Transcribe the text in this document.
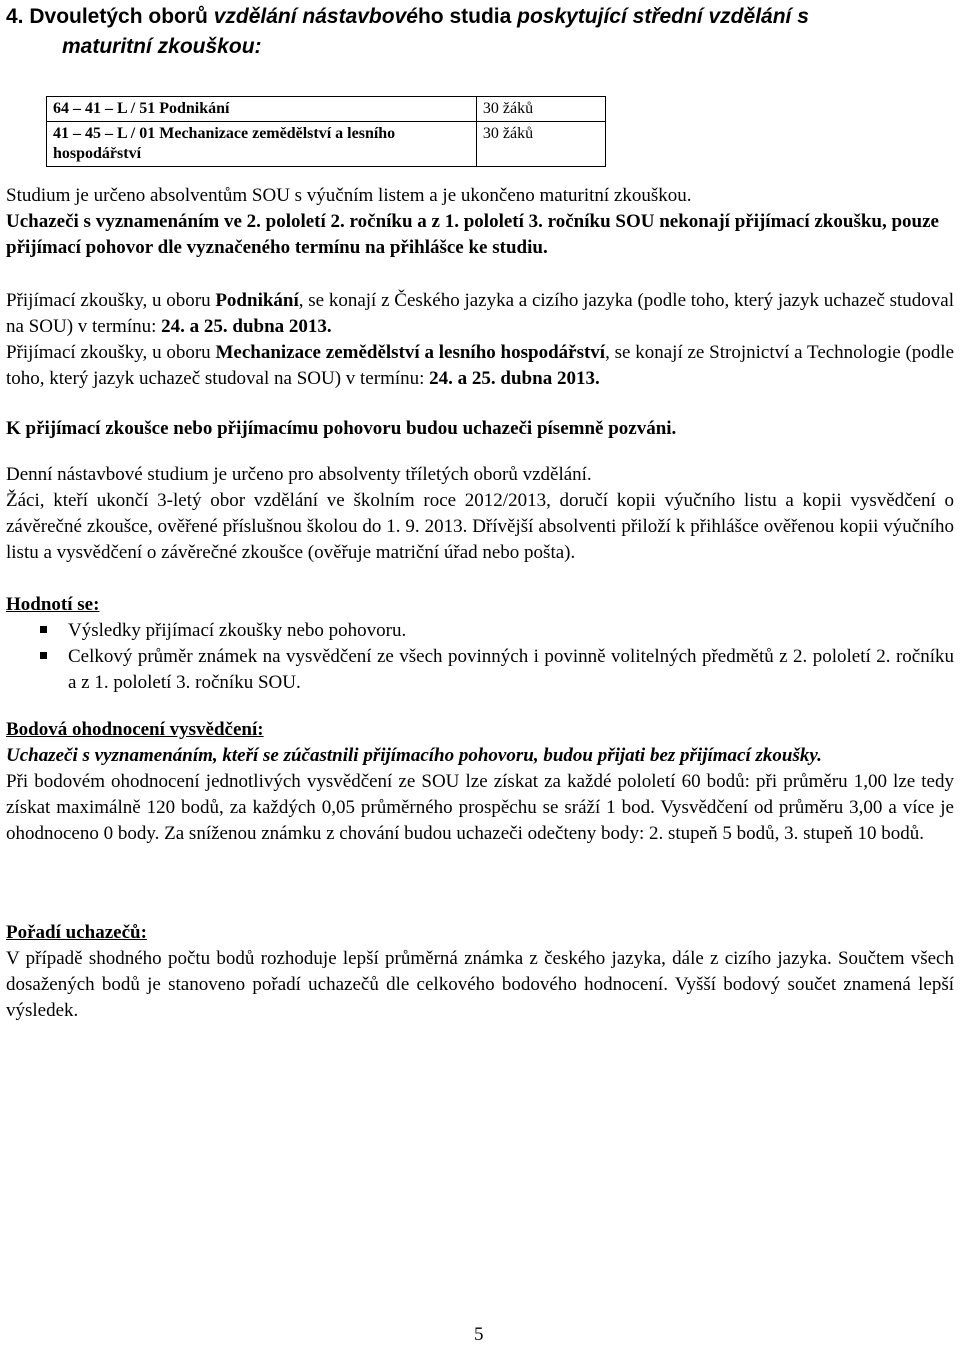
4. Dvouletých oborů vzdělání nástavbového studia poskytující střední vzdělání s
maturitní zkouškou:
64 – 41 – L / 51 Podnikání	30 žáků
41 – 45 – L / 01 Mechanizace zemědělství a lesního hospodářství	30 žáků
Studium je určeno absolventům SOU s výučním listem a je ukončeno maturitní zkouškou.
Uchazeči s vyznamenáním ve 2. pololetí 2. ročníku a z 1. pololetí 3. ročníku SOU nekonají přijímací zkoušku, pouze přijímací pohovor dle vyznačeného termínu na přihlášce ke studiu.
Přijímací zkoušky, u oboru Podnikání, se konají z Českého jazyka a cizího jazyka (podle toho, který jazyk uchazeč studoval na SOU) v termínu: 24. a 25. dubna 2013.
Přijímací zkoušky, u oboru Mechanizace zemědělství a lesního hospodářství, se konají ze Strojnictví a Technologie (podle toho, který jazyk uchazeč studoval na SOU) v termínu: 24. a 25. dubna 2013.
K přijímací zkoušce nebo přijímacímu pohovoru budou uchazeči písemně pozváni.
Denní nástavbové studium je určeno pro absolventy tříletých oborů vzdělání.
Žáci, kteří ukončí 3-letý obor vzdělání ve školním roce 2012/2013, doručí kopii výučního listu a kopii vysvědčení o závěrečné zkoušce, ověřené příslušnou školou do 1. 9. 2013. Dřívější absolventi přiloží k přihlášce ověřenou kopii výučního listu a vysvědčení o závěrečné zkoušce (ověřuje matriční úřad nebo pošta).
Hodnotí se:
Výsledky přijímací zkoušky nebo pohovoru.
Celkový průměr známek na vysvědčení ze všech povinných i povinně volitelných předmětů z 2. pololetí 2. ročníku a z 1. pololetí 3. ročníku SOU.
Bodová ohodnocení vysvědčení:
Uchazeči s vyznamenáním, kteří se zúčastnili přijímacího pohovoru, budou přijati bez přijímací zkoušky.
Při bodovém ohodnocení jednotlivých vysvědčení ze SOU lze získat za každé pololetí 60 bodů: při průměru 1,00 lze tedy získat maximálně 120 bodů, za každých 0,05 průměrného prospěchu se sráží 1 bod. Vysvědčení od průměru 3,00 a více je ohodnoceno 0 body. Za sníženou známku z chování budou uchazeči odečteny body: 2. stupeň 5 bodů, 3. stupeň 10 bodů.
Pořadí uchazečů:
V případě shodného počtu bodů rozhoduje lepší průměrná známka z českého jazyka, dále z cizího jazyka. Součtem všech dosažených bodů je stanoveno pořadí uchazečů dle celkového bodového hodnocení. Vyšší bodový součet znamená lepší výsledek.
5
